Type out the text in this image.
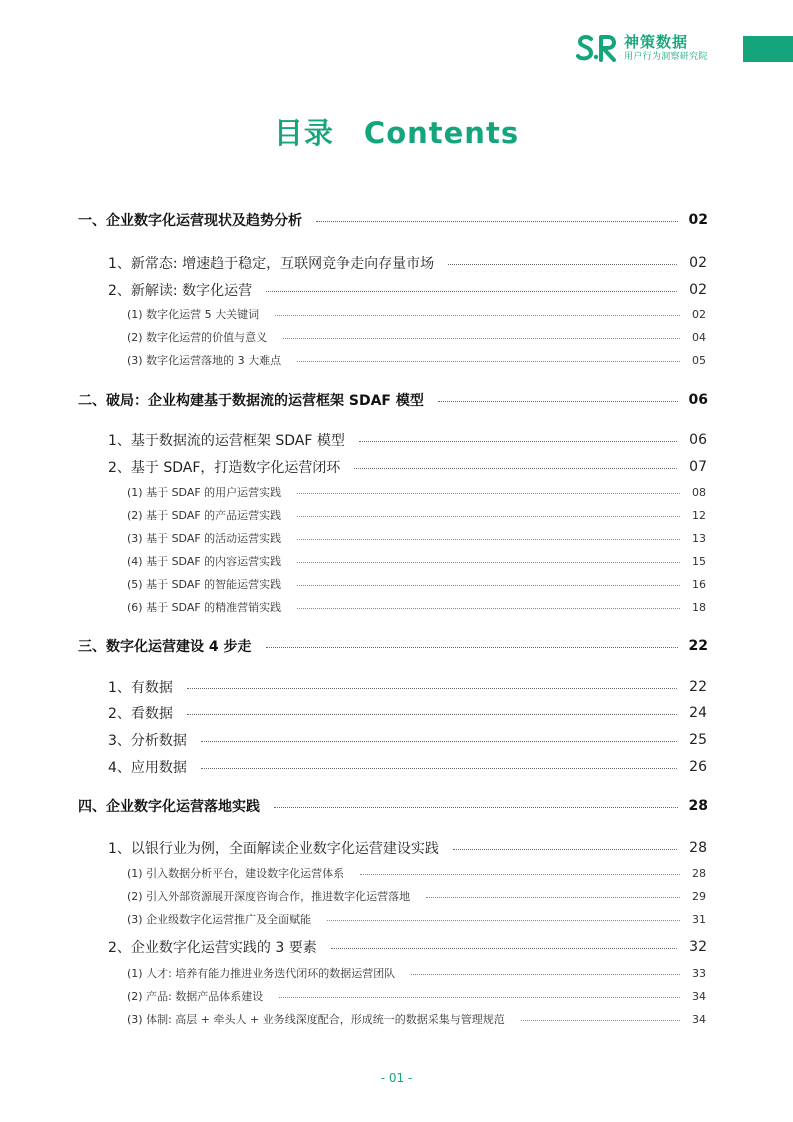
神策数据
用户行为洞察研究院
目录　Contents
一、企业数字化运营现状及趋势分析	02
1、新常态: 增速趋于稳定，互联网竞争走向存量市场	02
2、新解读: 数字化运营	02
(1) 数字化运营 5 大关键词	02
(2) 数字化运营的价值与意义	04
(3) 数字化运营落地的 3 大难点	05
二、破局：企业构建基于数据流的运营框架 SDAF 模型	06
1、基于数据流的运营框架 SDAF 模型	06
2、基于 SDAF，打造数字化运营闭环	07
(1) 基于 SDAF 的用户运营实践	08
(2) 基于 SDAF 的产品运营实践	12
(3) 基于 SDAF 的活动运营实践	13
(4) 基于 SDAF 的内容运营实践	15
(5) 基于 SDAF 的智能运营实践	16
(6) 基于 SDAF 的精准营销实践	18
三、数字化运营建设 4 步走	22
1、有数据	22
2、看数据	24
3、分析数据	25
4、应用数据	26
四、企业数字化运营落地实践	28
1、以银行业为例，全面解读企业数字化运营建设实践	28
(1) 引入数据分析平台，建设数字化运营体系	28
(2) 引入外部资源展开深度咨询合作，推进数字化运营落地	29
(3) 企业级数字化运营推广及全面赋能	31
2、企业数字化运营实践的 3 要素	32
(1) 人才: 培养有能力推进业务迭代闭环的数据运营团队	33
(2) 产品: 数据产品体系建设	34
(3) 体制: 高层 + 牵头人 + 业务线深度配合，形成统一的数据采集与管理规范	34
- 01 -
